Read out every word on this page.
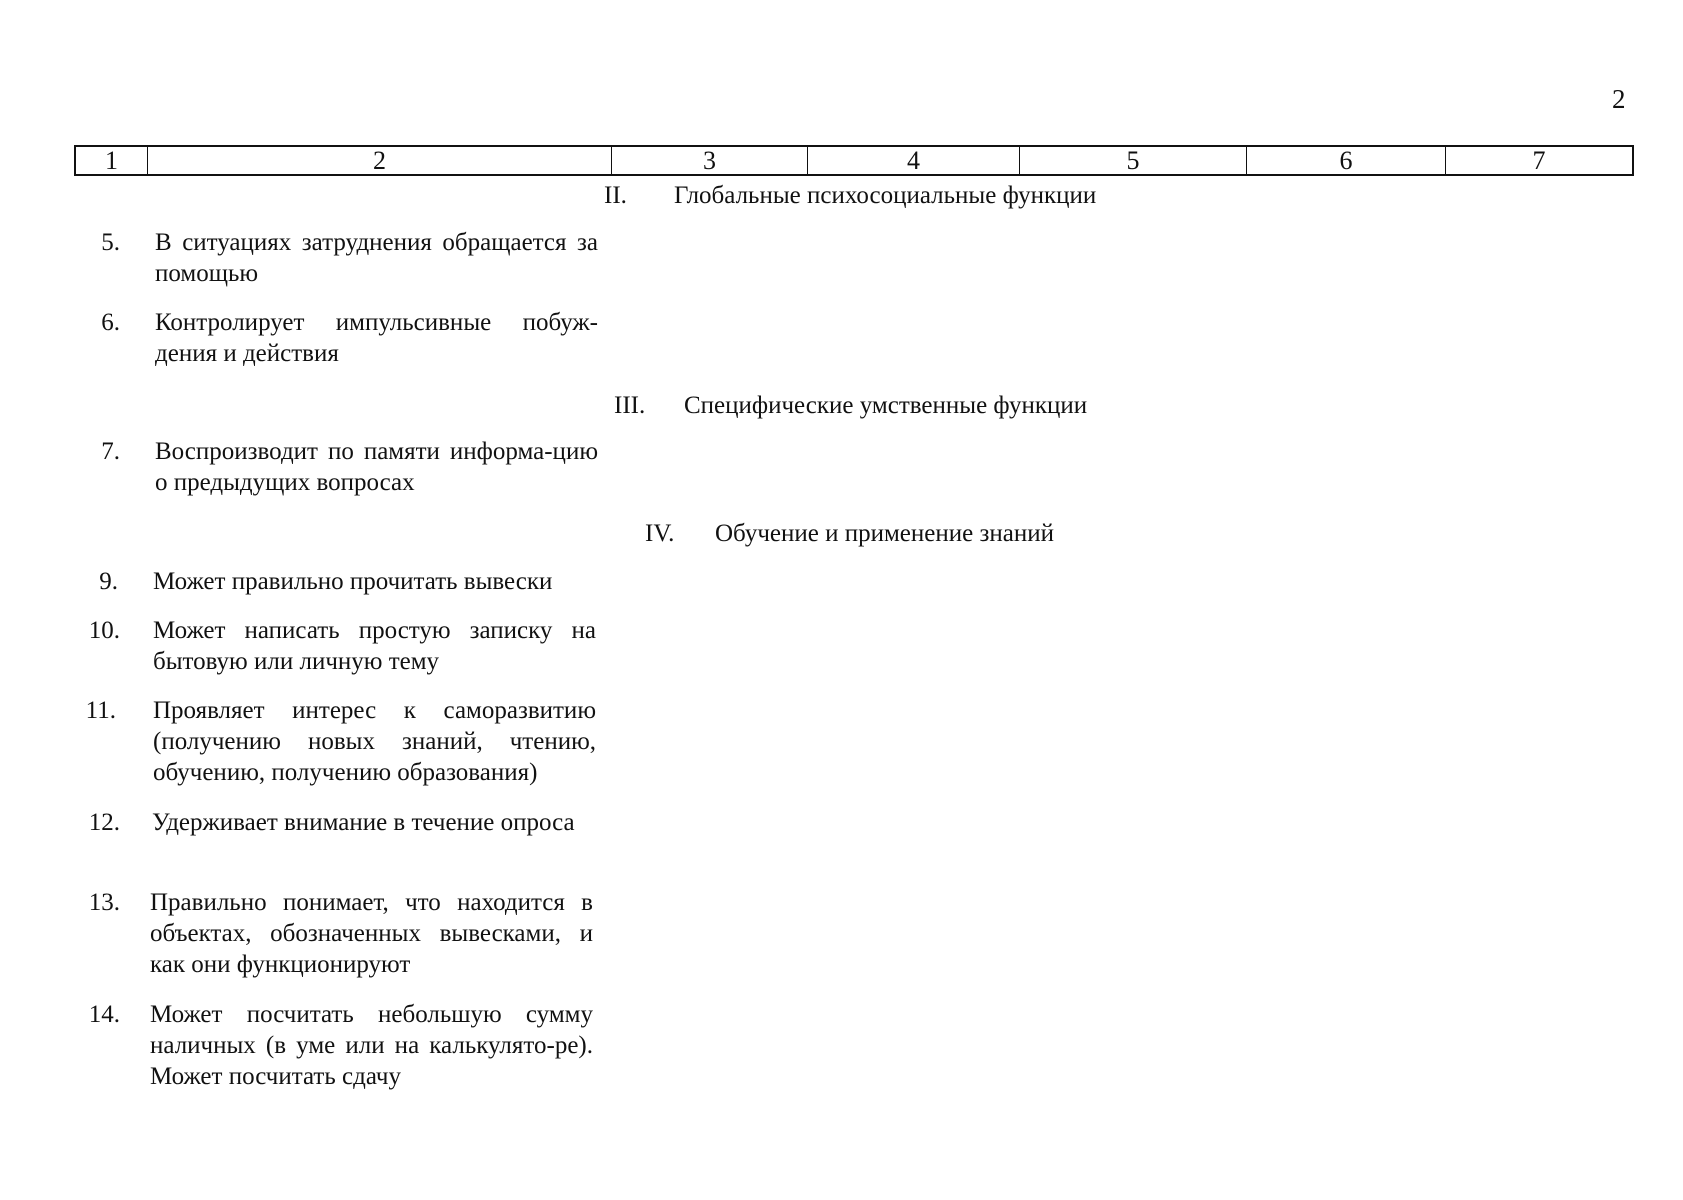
2
1	2	3	4	5	6	7
II. Глобальные психосоциальные функции
5. В ситуациях затруднения обращается за помощью
6. Контролирует импульсивные побуж-дения и действия
III. Специфические умственные функции
7. Воспроизводит по памяти информа-цию о предыдущих вопросах
IV. Обучение и применение знаний
9. Может правильно прочитать вывески
10. Может написать простую записку на бытовую или личную тему
11. Проявляет интерес к саморазвитию (получению новых знаний, чтению, обучению, получению образования)
12. Удерживает внимание в течение опроса
13. Правильно понимает, что находится в объектах, обозначенных вывесками, и как они функционируют
14. Может посчитать небольшую сумму наличных (в уме или на калькулято-ре). Может посчитать сдачу
